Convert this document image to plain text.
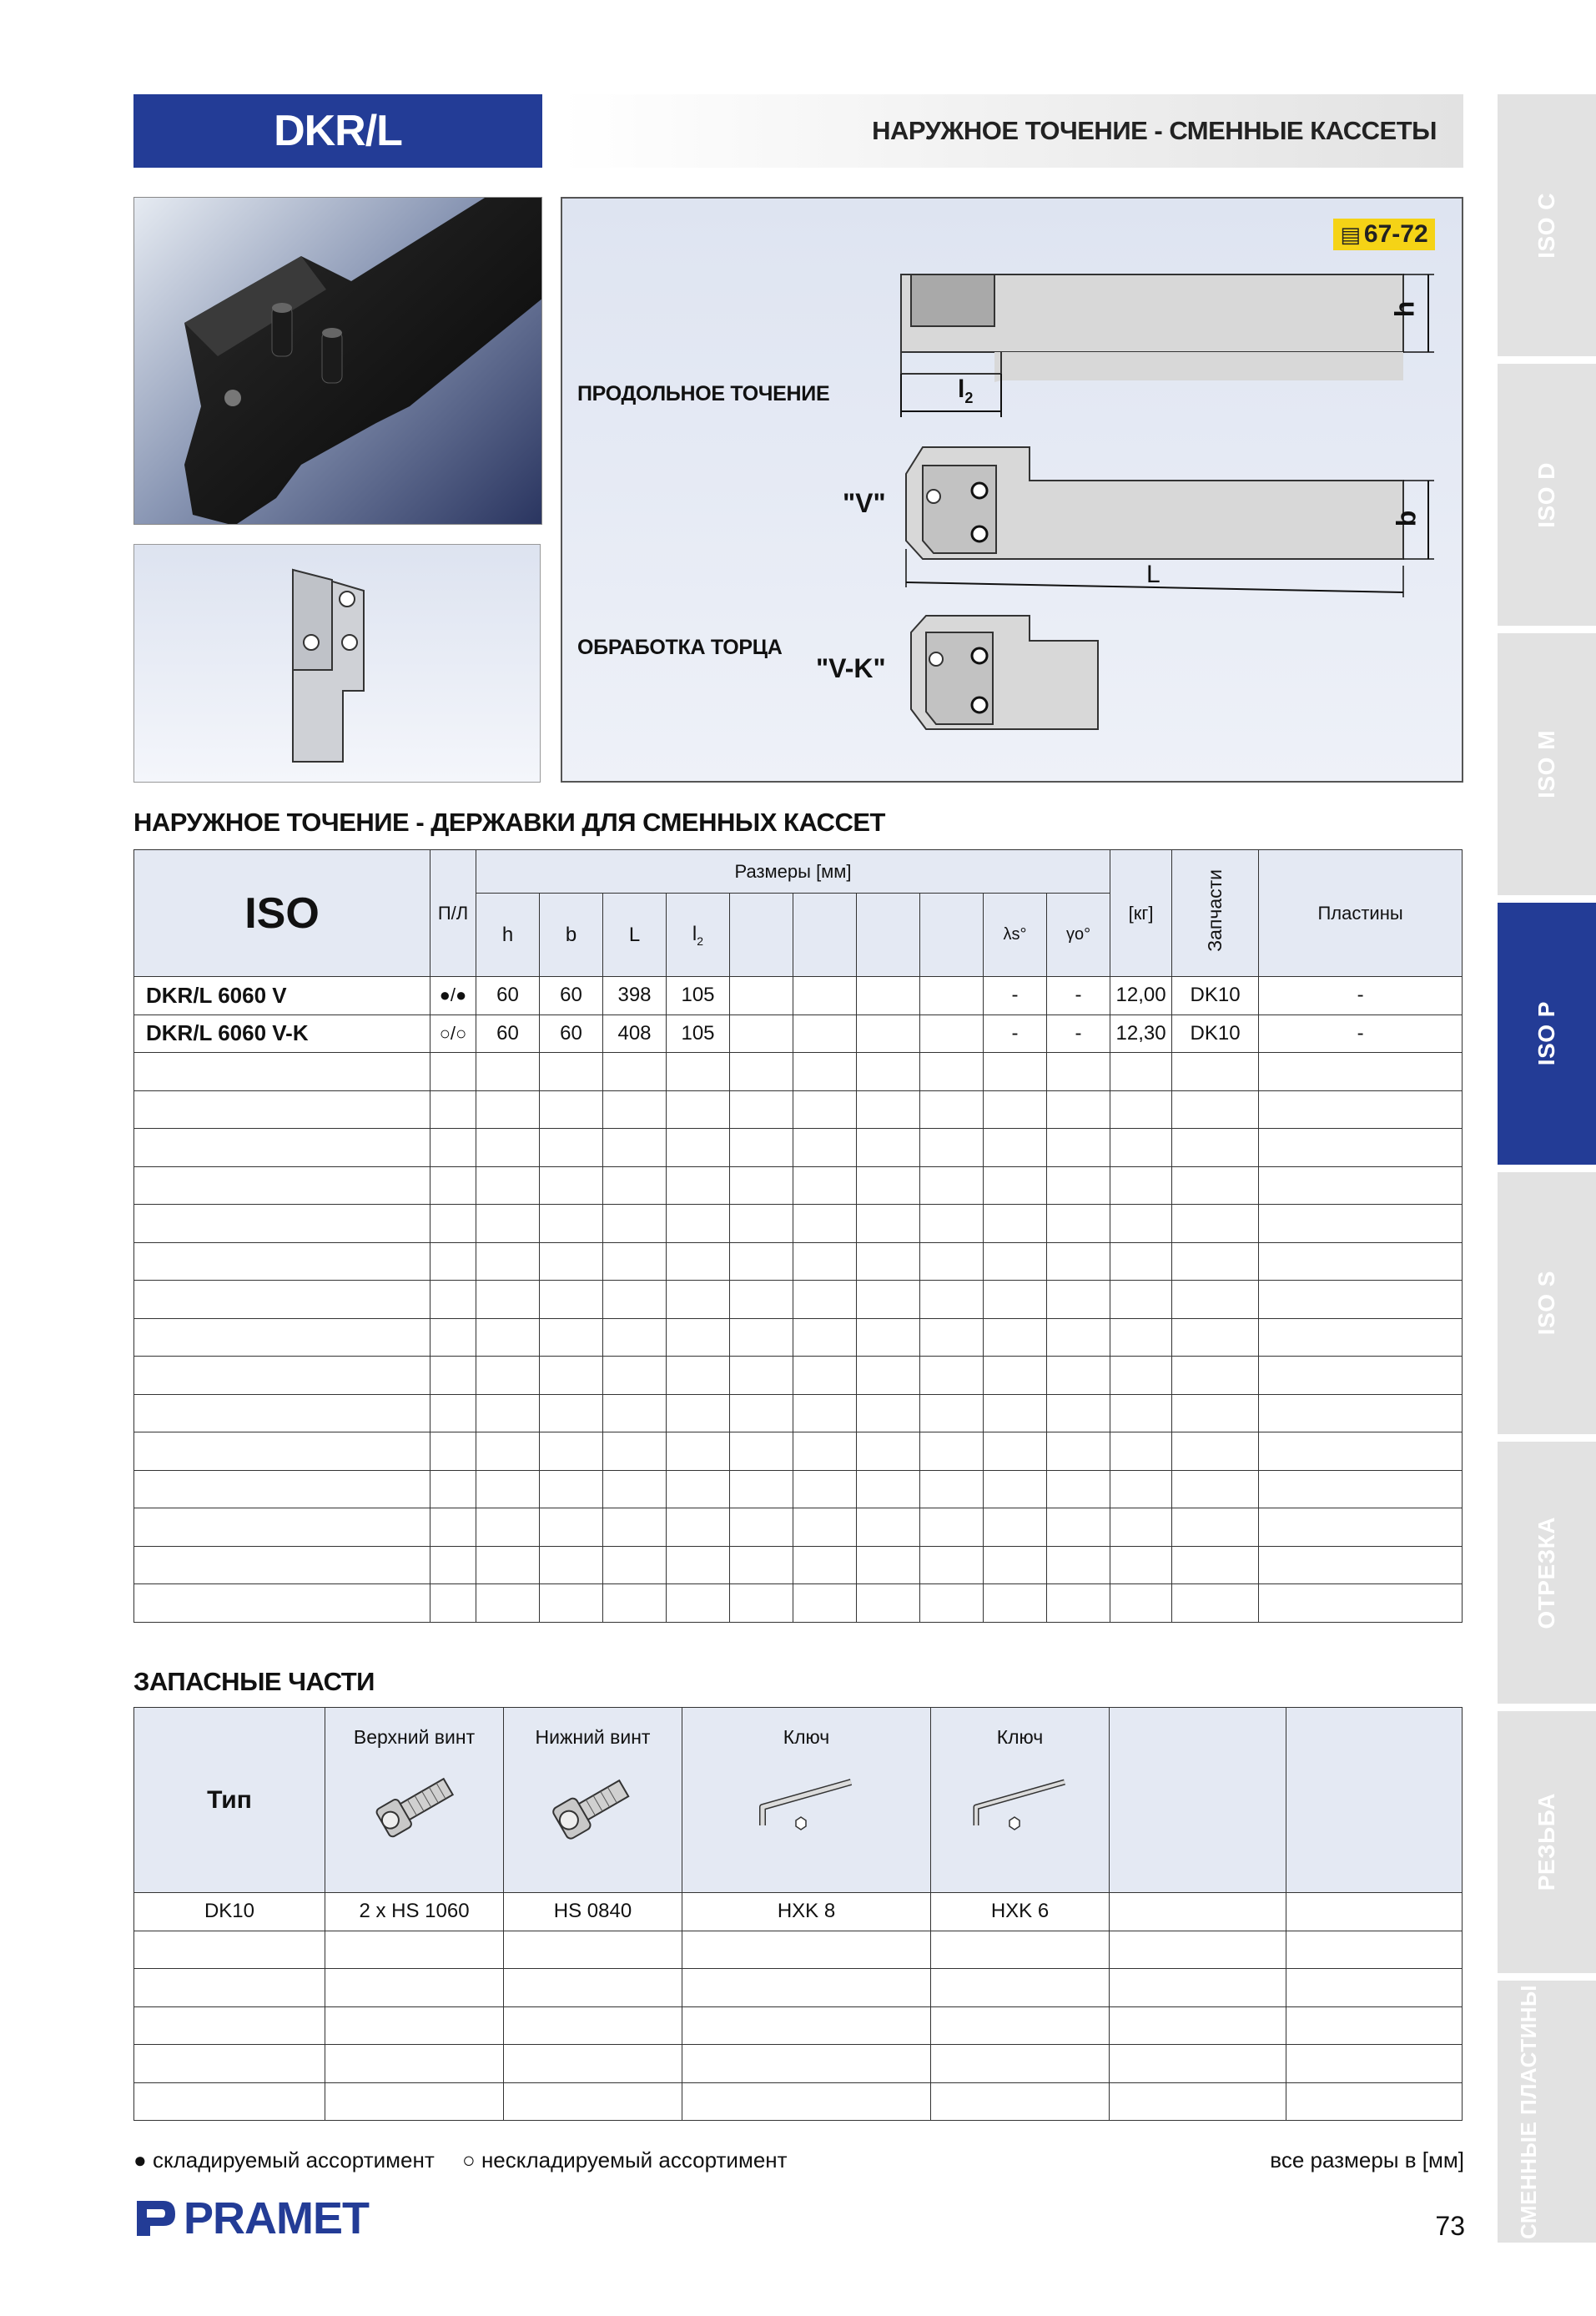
DKR/L	НАРУЖНОЕ ТОЧЕНИЕ - СМЕННЫЕ КАССЕТЫ
▤ 67-72
ПРОДОЛЬНОЕ ТОЧЕНИЕ
ОБРАБОТКА ТОРЦА
"V"
"V-K"
$l_2$
h
b
L
НАРУЖНОЕ ТОЧЕНИЕ - ДЕРЖАВКИ ДЛЯ СМЕННЫХ КАССЕТ
ISO	П/Л	Размеры [мм]										[кг]	Запчасти	Пластины
		h	b	L	$l_2$					λs°	γo°			
DKR/L 6060 V	●/●	60	60	398	105					-	-	12,00	DK10	-
DKR/L 6060 V-K	○/○	60	60	408	105					-	-	12,30	DK10	-

ЗАПАСНЫЕ ЧАСТИ
Тип	Верхний винт	Нижний винт	Ключ	Ключ		

DK10	2 x HS 1060	HS 0840	HXK 8	HXK 6		

● складируемый ассортимент ○ нескладируемый ассортимент	все размеры в [мм]
PRAMET	73
ISO C
ISO D
ISO M
ISO P
ISO S
ОТРЕЗКА
РЕЗЬБА
СМЕННЫЕ ПЛАСТИНЫ
